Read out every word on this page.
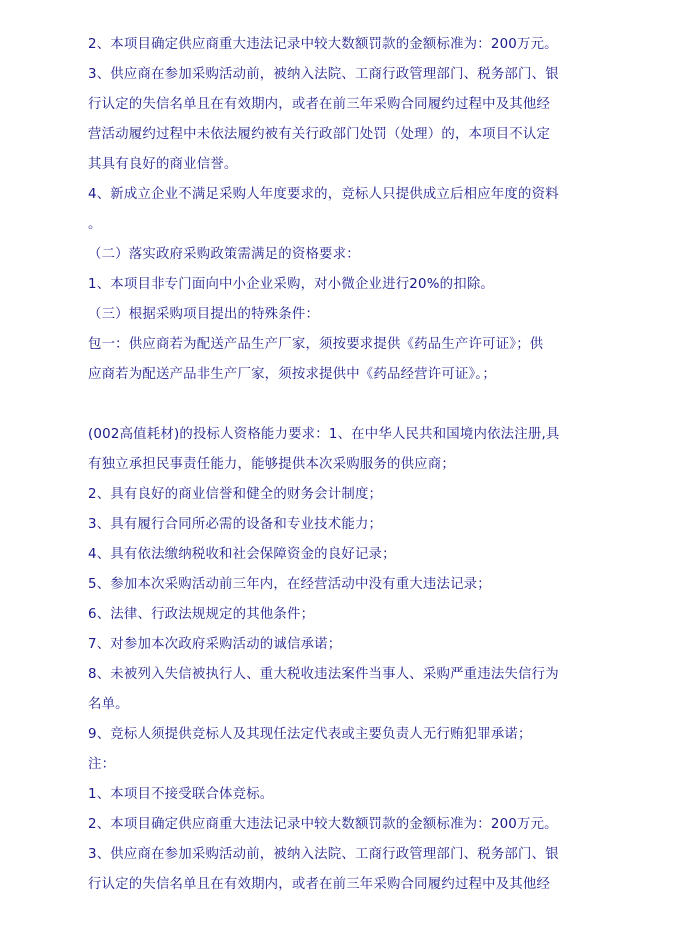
2、本项目确定供应商重大违法记录中较大数额罚款的金额标准为：200万元。
3、供应商在参加采购活动前，被纳入法院、工商行政管理部门、税务部门、银
行认定的失信名单且在有效期内，或者在前三年采购合同履约过程中及其他经
营活动履约过程中未依法履约被有关行政部门处罚（处理）的，本项目不认定
其具有良好的商业信誉。
4、新成立企业不满足采购人年度要求的，竞标人只提供成立后相应年度的资料
。
（二）落实政府采购政策需满足的资格要求：
1、本项目非专门面向中小企业采购，对小微企业进行20%的扣除。
（三）根据采购项目提出的特殊条件：
包一：供应商若为配送产品生产厂家，须按要求提供《药品生产许可证》；供
应商若为配送产品非生产厂家，须按求提供中《药品经营许可证》。；
(002高值耗材)的投标人资格能力要求：1、在中华人民共和国境内依法注册,具
有独立承担民事责任能力，能够提供本次采购服务的供应商；
2、具有良好的商业信誉和健全的财务会计制度；
3、具有履行合同所必需的设备和专业技术能力；
4、具有依法缴纳税收和社会保障资金的良好记录；
5、参加本次采购活动前三年内，在经营活动中没有重大违法记录；
6、法律、行政法规规定的其他条件；
7、对参加本次政府采购活动的诚信承诺；
8、未被列入失信被执行人、重大税收违法案件当事人、采购严重违法失信行为
名单。
9、竞标人须提供竞标人及其现任法定代表或主要负责人无行贿犯罪承诺；
注：
1、本项目不接受联合体竞标。
2、本项目确定供应商重大违法记录中较大数额罚款的金额标准为：200万元。
3、供应商在参加采购活动前，被纳入法院、工商行政管理部门、税务部门、银
行认定的失信名单且在有效期内，或者在前三年采购合同履约过程中及其他经
